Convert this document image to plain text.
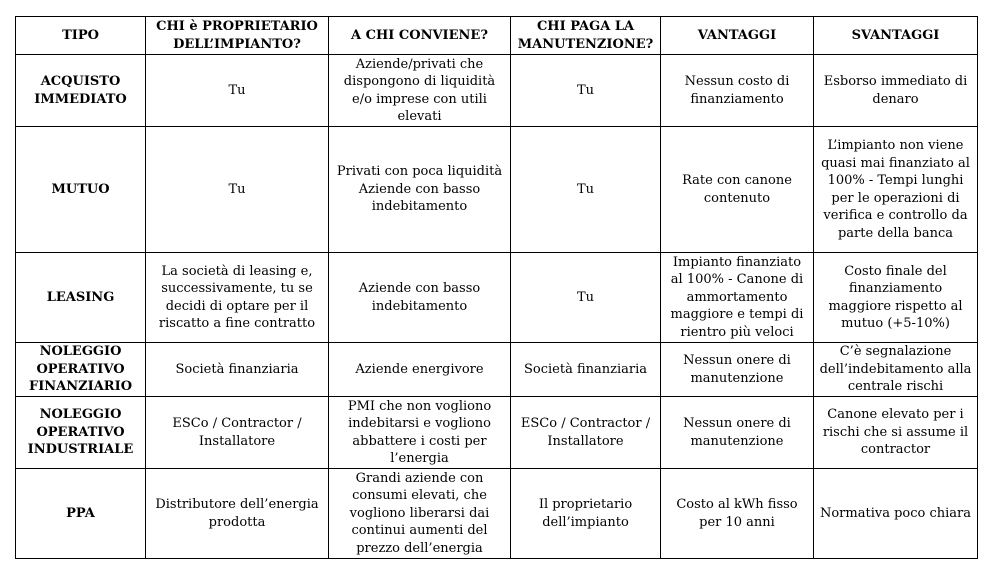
TIPO	CHI è PROPRIETARIO DELL’IMPIANTO?	A CHI CONVIENE?	CHI PAGA LA MANUTENZIONE?	VANTAGGI	SVANTAGGI
ACQUISTO IMMEDIATO	Tu	Aziende/privati che dispongono di liquidità e/o imprese con utili elevati	Tu	Nessun costo di finanziamento	Esborso immediato di denaro
MUTUO	Tu	Privati con poca liquidità Aziende con basso indebitamento	Tu	Rate con canone contenuto	L’impianto non viene quasi mai finanziato al 100% - Tempi lunghi per le operazioni di verifica e controllo da parte della banca
LEASING	La società di leasing e, successivamente, tu se decidi di optare per il riscatto a fine contratto	Aziende con basso indebitamento	Tu	Impianto finanziato al 100% - Canone di ammortamento maggiore e tempi di rientro più veloci	Costo finale del finanziamento maggiore rispetto al mutuo (+5-10%)
NOLEGGIO OPERATIVO FINANZIARIO	Società finanziaria	Aziende energivore	Società finanziaria	Nessun onere di manutenzione	C’è segnalazione dell’indebitamento alla centrale rischi
NOLEGGIO OPERATIVO INDUSTRIALE	ESCo / Contractor / Installatore	PMI che non vogliono indebitarsi e vogliono abbattere i costi per l’energia	ESCo / Contractor / Installatore	Nessun onere di manutenzione	Canone elevato per i rischi che si assume il contractor
PPA	Distributore dell’energia prodotta	Grandi aziende con consumi elevati, che vogliono liberarsi dai continui aumenti del prezzo dell’energia	Il proprietario dell’impianto	Costo al kWh fisso per 10 anni	Normativa poco chiara
